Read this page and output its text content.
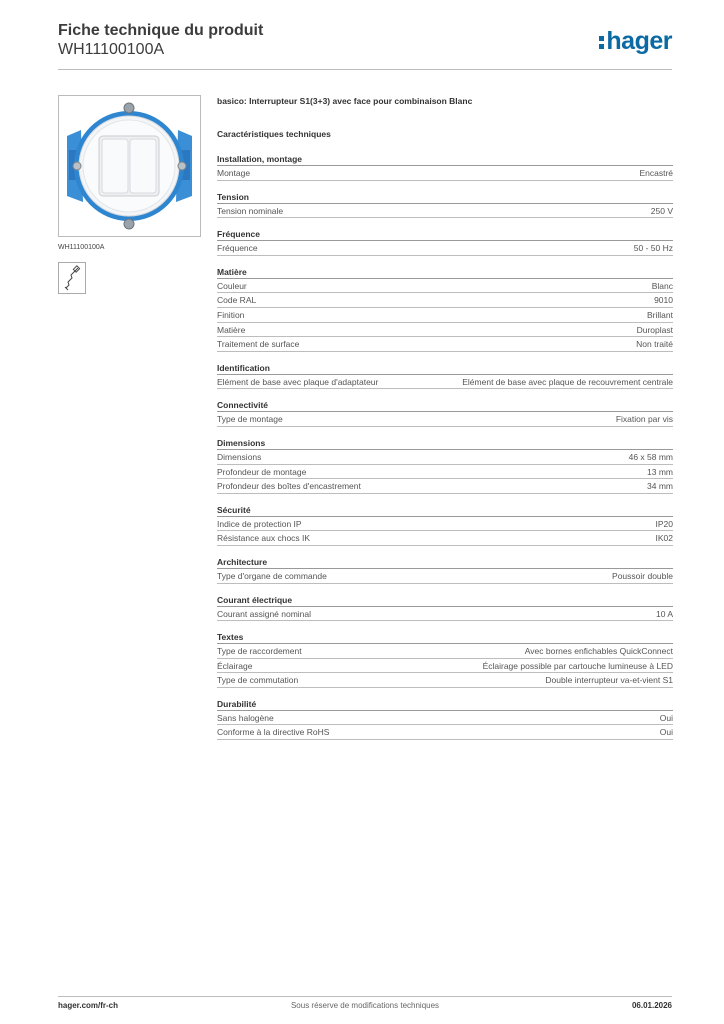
Fiche technique du produit
WH11100100A	hager
WH11100100A
basico: Interrupteur S1(3+3) avec face pour combinaison Blanc
Caractéristiques techniques
Installation, montage
Montage	Encastré
Tension
Tension nominale	250 V
Fréquence
Fréquence	50 - 50 Hz
Matière
Couleur	Blanc
Code RAL	9010
Finition	Brillant
Matière	Duroplast
Traitement de surface	Non traité
Identification
Elément de base avec plaque d'adaptateur	Elément de base avec plaque de recouvrement centrale
Connectivité
Type de montage	Fixation par vis
Dimensions
Dimensions	46 x 58 mm
Profondeur de montage	13 mm
Profondeur des boîtes d'encastrement	34 mm
Sécurité
Indice de protection IP	IP20
Résistance aux chocs IK	IK02
Architecture
Type d'organe de commande	Poussoir double
Courant électrique
Courant assigné nominal	10 A
Textes
Type de raccordement	Avec bornes enfichables QuickConnect
Éclairage	Éclairage possible par cartouche lumineuse à LED
Type de commutation	Double interrupteur va-et-vient S1
Durabilité
Sans halogène	Oui
Conforme à la directive RoHS	Oui
hager.com/fr-ch	Sous réserve de modifications techniques	06.01.2026
